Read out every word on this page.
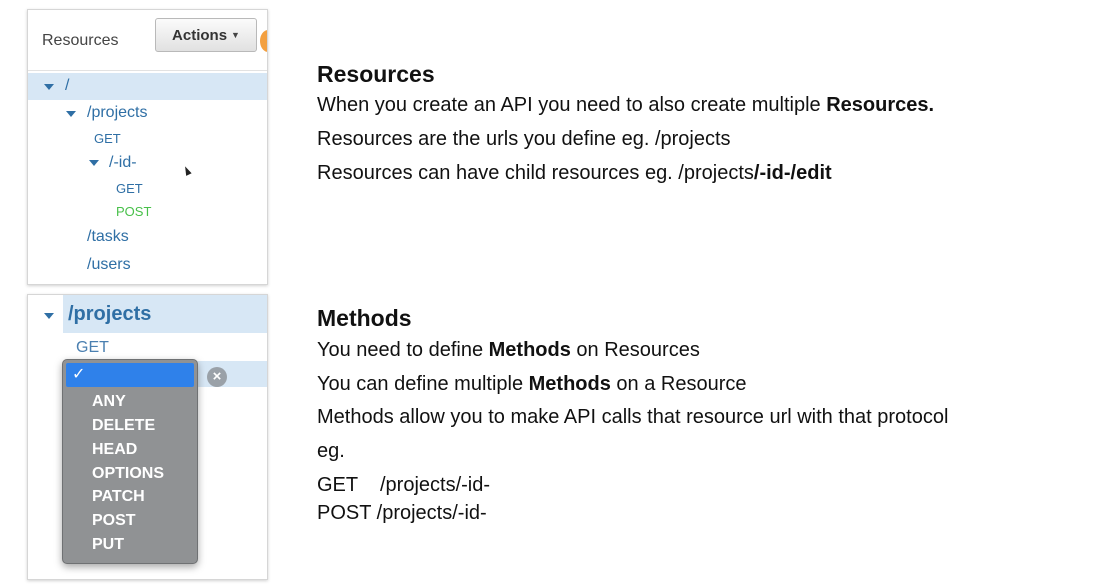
Resources	Actions ▼
/
/projects
GET
/-id-
GET
POST
/tasks
/users
/projects
GET
×
✓
ANY
DELETE
HEAD
OPTIONS
PATCH
POST
PUT
Resources
When you create an API you need to also create multiple Resources.
Resources are the urls you define eg. /projects
Resources can have child resources eg. /projects/-id-/edit
Methods
You need to define Methods on Resources
You can define multiple Methods on a Resource
Methods allow you to make API calls that resource url with that protocol
eg.
GET    /projects/-id-
POST /projects/-id-
